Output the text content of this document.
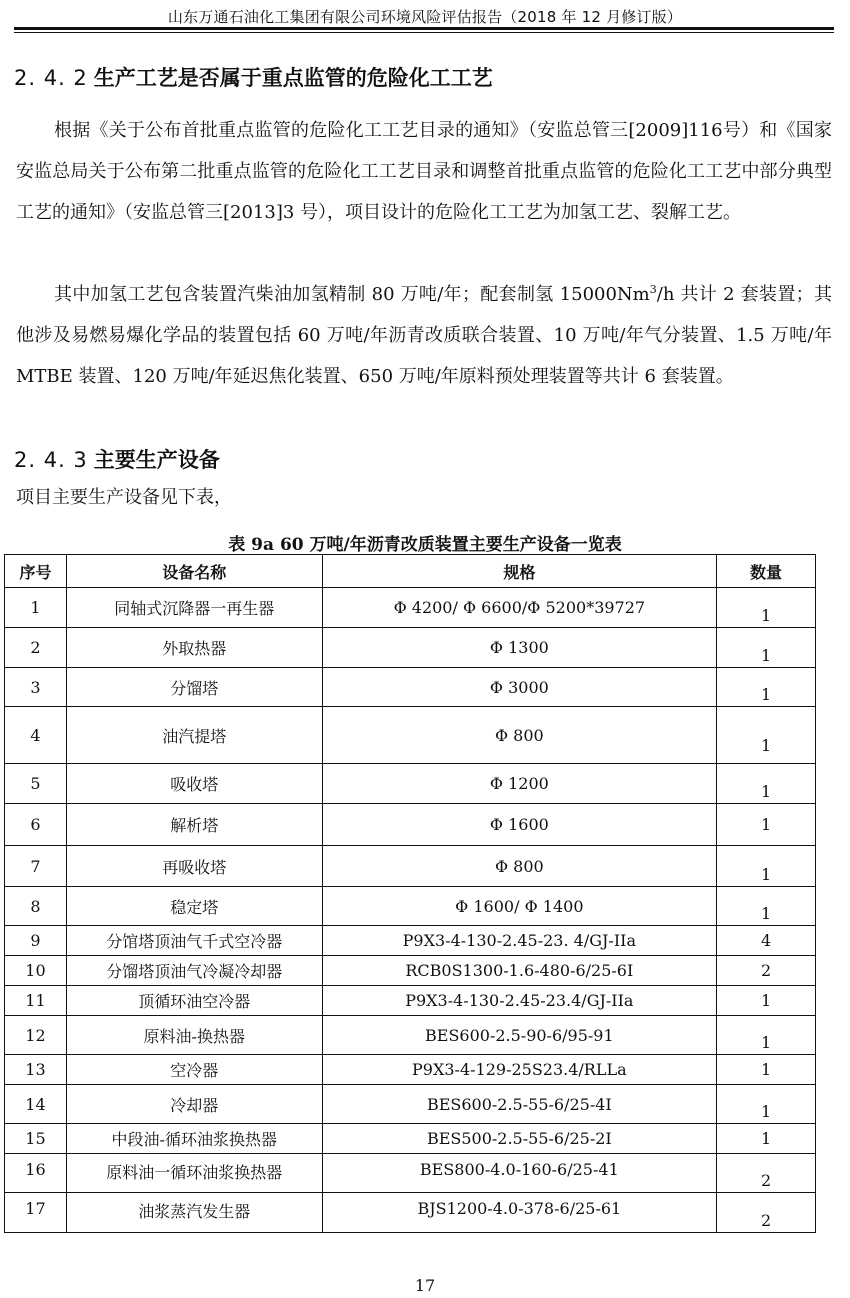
山东万通石油化工集团有限公司环境风险评估报告（2018 年 12 月修订版）
2. 4. 2 生产工艺是否属于重点监管的危险化工工艺
根据《关于公布首批重点监管的危险化工工艺目录的通知》（安监总管三[2009]116号）和《国家安监总局关于公布第二批重点监管的危险化工工艺目录和调整首批重点监管的危险化工工艺中部分典型工艺的通知》（安监总管三[2013]3 号），项目设计的危险化工工艺为加氢工艺、裂解工艺。
其中加氢工艺包含装置汽柴油加氢精制 80 万吨/年；配套制氢 15000Nm$^3$/h 共计 2 套装置；其他涉及易燃易爆化学品的装置包括 60 万吨/年沥青改质联合装置、10 万吨/年气分装置、1.5 万吨/年 MTBE 装置、120 万吨/年延迟焦化装置、650 万吨/年原料预处理装置等共计 6 套装置。
2. 4. 3 主要生产设备
项目主要生产设备见下表，
表 9a 60 万吨/年沥青改质装置主要生产设备一览表
序号	设备名称	规格	数量
1	同轴式沉降器一再生器	Φ 4200/ Φ 6600/Φ 5200*39727	1
2	外取热器	Φ 1300	1
3	分馏塔	Φ 3000	1
4	油汽提塔	Φ 800	1
5	吸收塔	Φ 1200	1
6	解析塔	Φ 1600	1
7	再吸收塔	Φ 800	1
8	稳定塔	Φ 1600/ Φ 1400	1
9	分馆塔顶油气千式空冷器	P9X3-4-130-2.45-23. 4/GJ-IIa	4
10	分馏塔顶油气冷凝冷却器	RCB0S1300-1.6-480-6/25-6I	2
11	顶循环油空冷器	P9X3-4-130-2.45-23.4/GJ-IIa	1
12	原料油-换热器	BES600-2.5-90-6/95-91	1
13	空冷器	P9X3-4-129-25S23.4/RLLa	1
14	冷却器	BES600-2.5-55-6/25-4I	1
15	中段油-循环油浆换热器	BES500-2.5-55-6/25-2I	1
16	原料油一循环油浆换热器	BES800-4.0-160-6/25-41	2
17	油浆蒸汽发生器	BJS1200-4.0-378-6/25-61	2
17
